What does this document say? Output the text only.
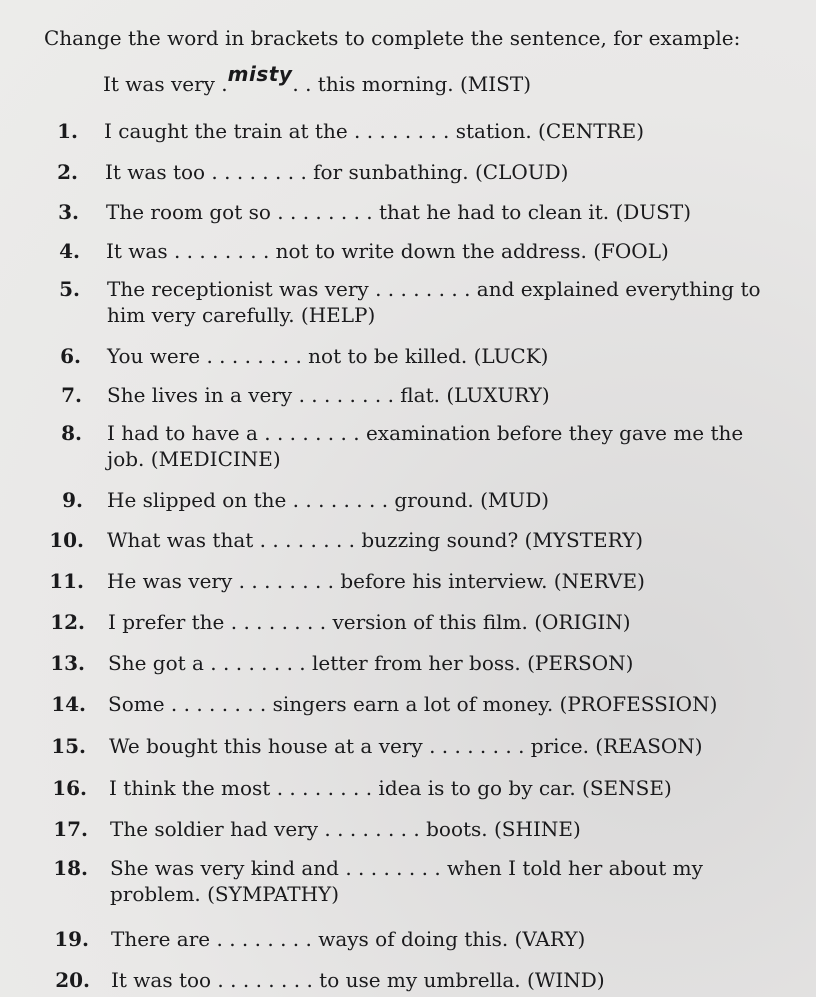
Change the word in brackets to complete the sentence, for example:
It was very .misty. . this morning. (MIST)
1. I caught the train at the . . . . . . . . station. (CENTRE)
2. It was too . . . . . . . . for sunbathing. (CLOUD)
3. The room got so . . . . . . . . that he had to clean it. (DUST)
4. It was . . . . . . . . not to write down the address. (FOOL)
5. The receptionist was very . . . . . . . . and explained everything to
him very carefully. (HELP)
6. You were . . . . . . . . not to be killed. (LUCK)
7. She lives in a very . . . . . . . . flat. (LUXURY)
8. I had to have a . . . . . . . . examination before they gave me the
job. (MEDICINE)
9. He slipped on the . . . . . . . . ground. (MUD)
10. What was that . . . . . . . . buzzing sound? (MYSTERY)
11. He was very . . . . . . . . before his interview. (NERVE)
12. I prefer the . . . . . . . . version of this film. (ORIGIN)
13. She got a . . . . . . . . letter from her boss. (PERSON)
14. Some . . . . . . . . singers earn a lot of money. (PROFESSION)
15. We bought this house at a very . . . . . . . . price. (REASON)
16. I think the most . . . . . . . . idea is to go by car. (SENSE)
17. The soldier had very . . . . . . . . boots. (SHINE)
18. She was very kind and . . . . . . . . when I told her about my
problem. (SYMPATHY)
19. There are . . . . . . . . ways of doing this. (VARY)
20. It was too . . . . . . . . to use my umbrella. (WIND)
